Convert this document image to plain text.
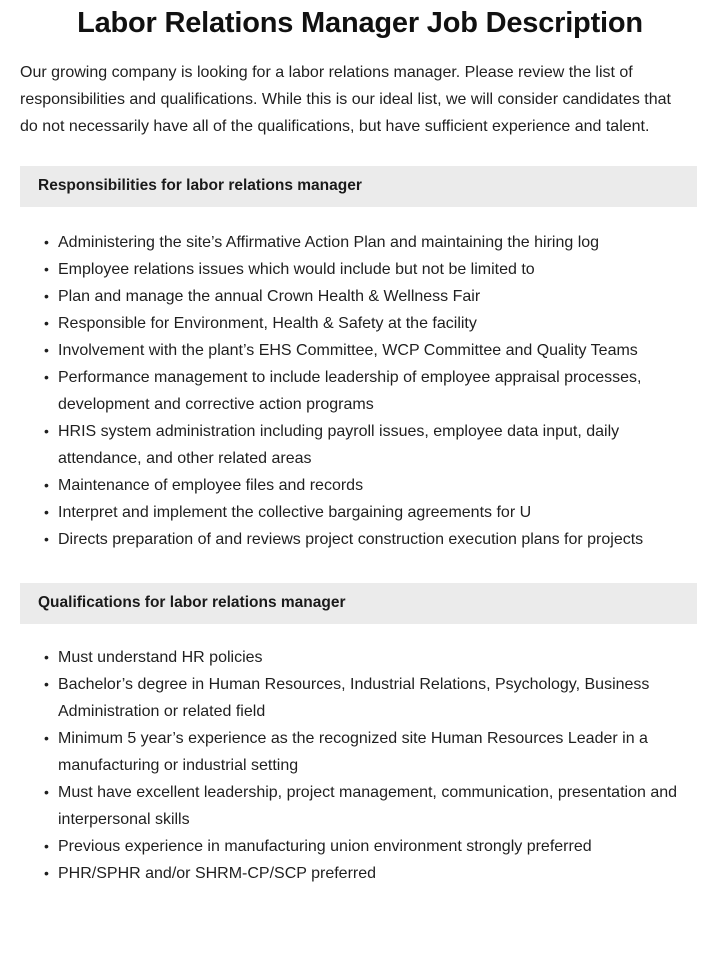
Labor Relations Manager Job Description

Our growing company is looking for a labor relations manager. Please review the list of responsibilities and qualifications. While this is our ideal list, we will consider candidates that do not necessarily have all of the qualifications, but have sufficient experience and talent.

Responsibilities for labor relations manager
• Administering the site’s Affirmative Action Plan and maintaining the hiring log
• Employee relations issues which would include but not be limited to
• Plan and manage the annual Crown Health & Wellness Fair
• Responsible for Environment, Health & Safety at the facility
• Involvement with the plant’s EHS Committee, WCP Committee and Quality Teams
• Performance management to include leadership of employee appraisal processes, development and corrective action programs
• HRIS system administration including payroll issues, employee data input, daily attendance, and other related areas
• Maintenance of employee files and records
• Interpret and implement the collective bargaining agreements for U
• Directs preparation of and reviews project construction execution plans for projects
Qualifications for labor relations manager
• Must understand HR policies
• Bachelor’s degree in Human Resources, Industrial Relations, Psychology, Business Administration or related field
• Minimum 5 year’s experience as the recognized site Human Resources Leader in a manufacturing or industrial setting
• Must have excellent leadership, project management, communication, presentation and interpersonal skills
• Previous experience in manufacturing union environment strongly preferred
• PHR/SPHR and/or SHRM-CP/SCP preferred
